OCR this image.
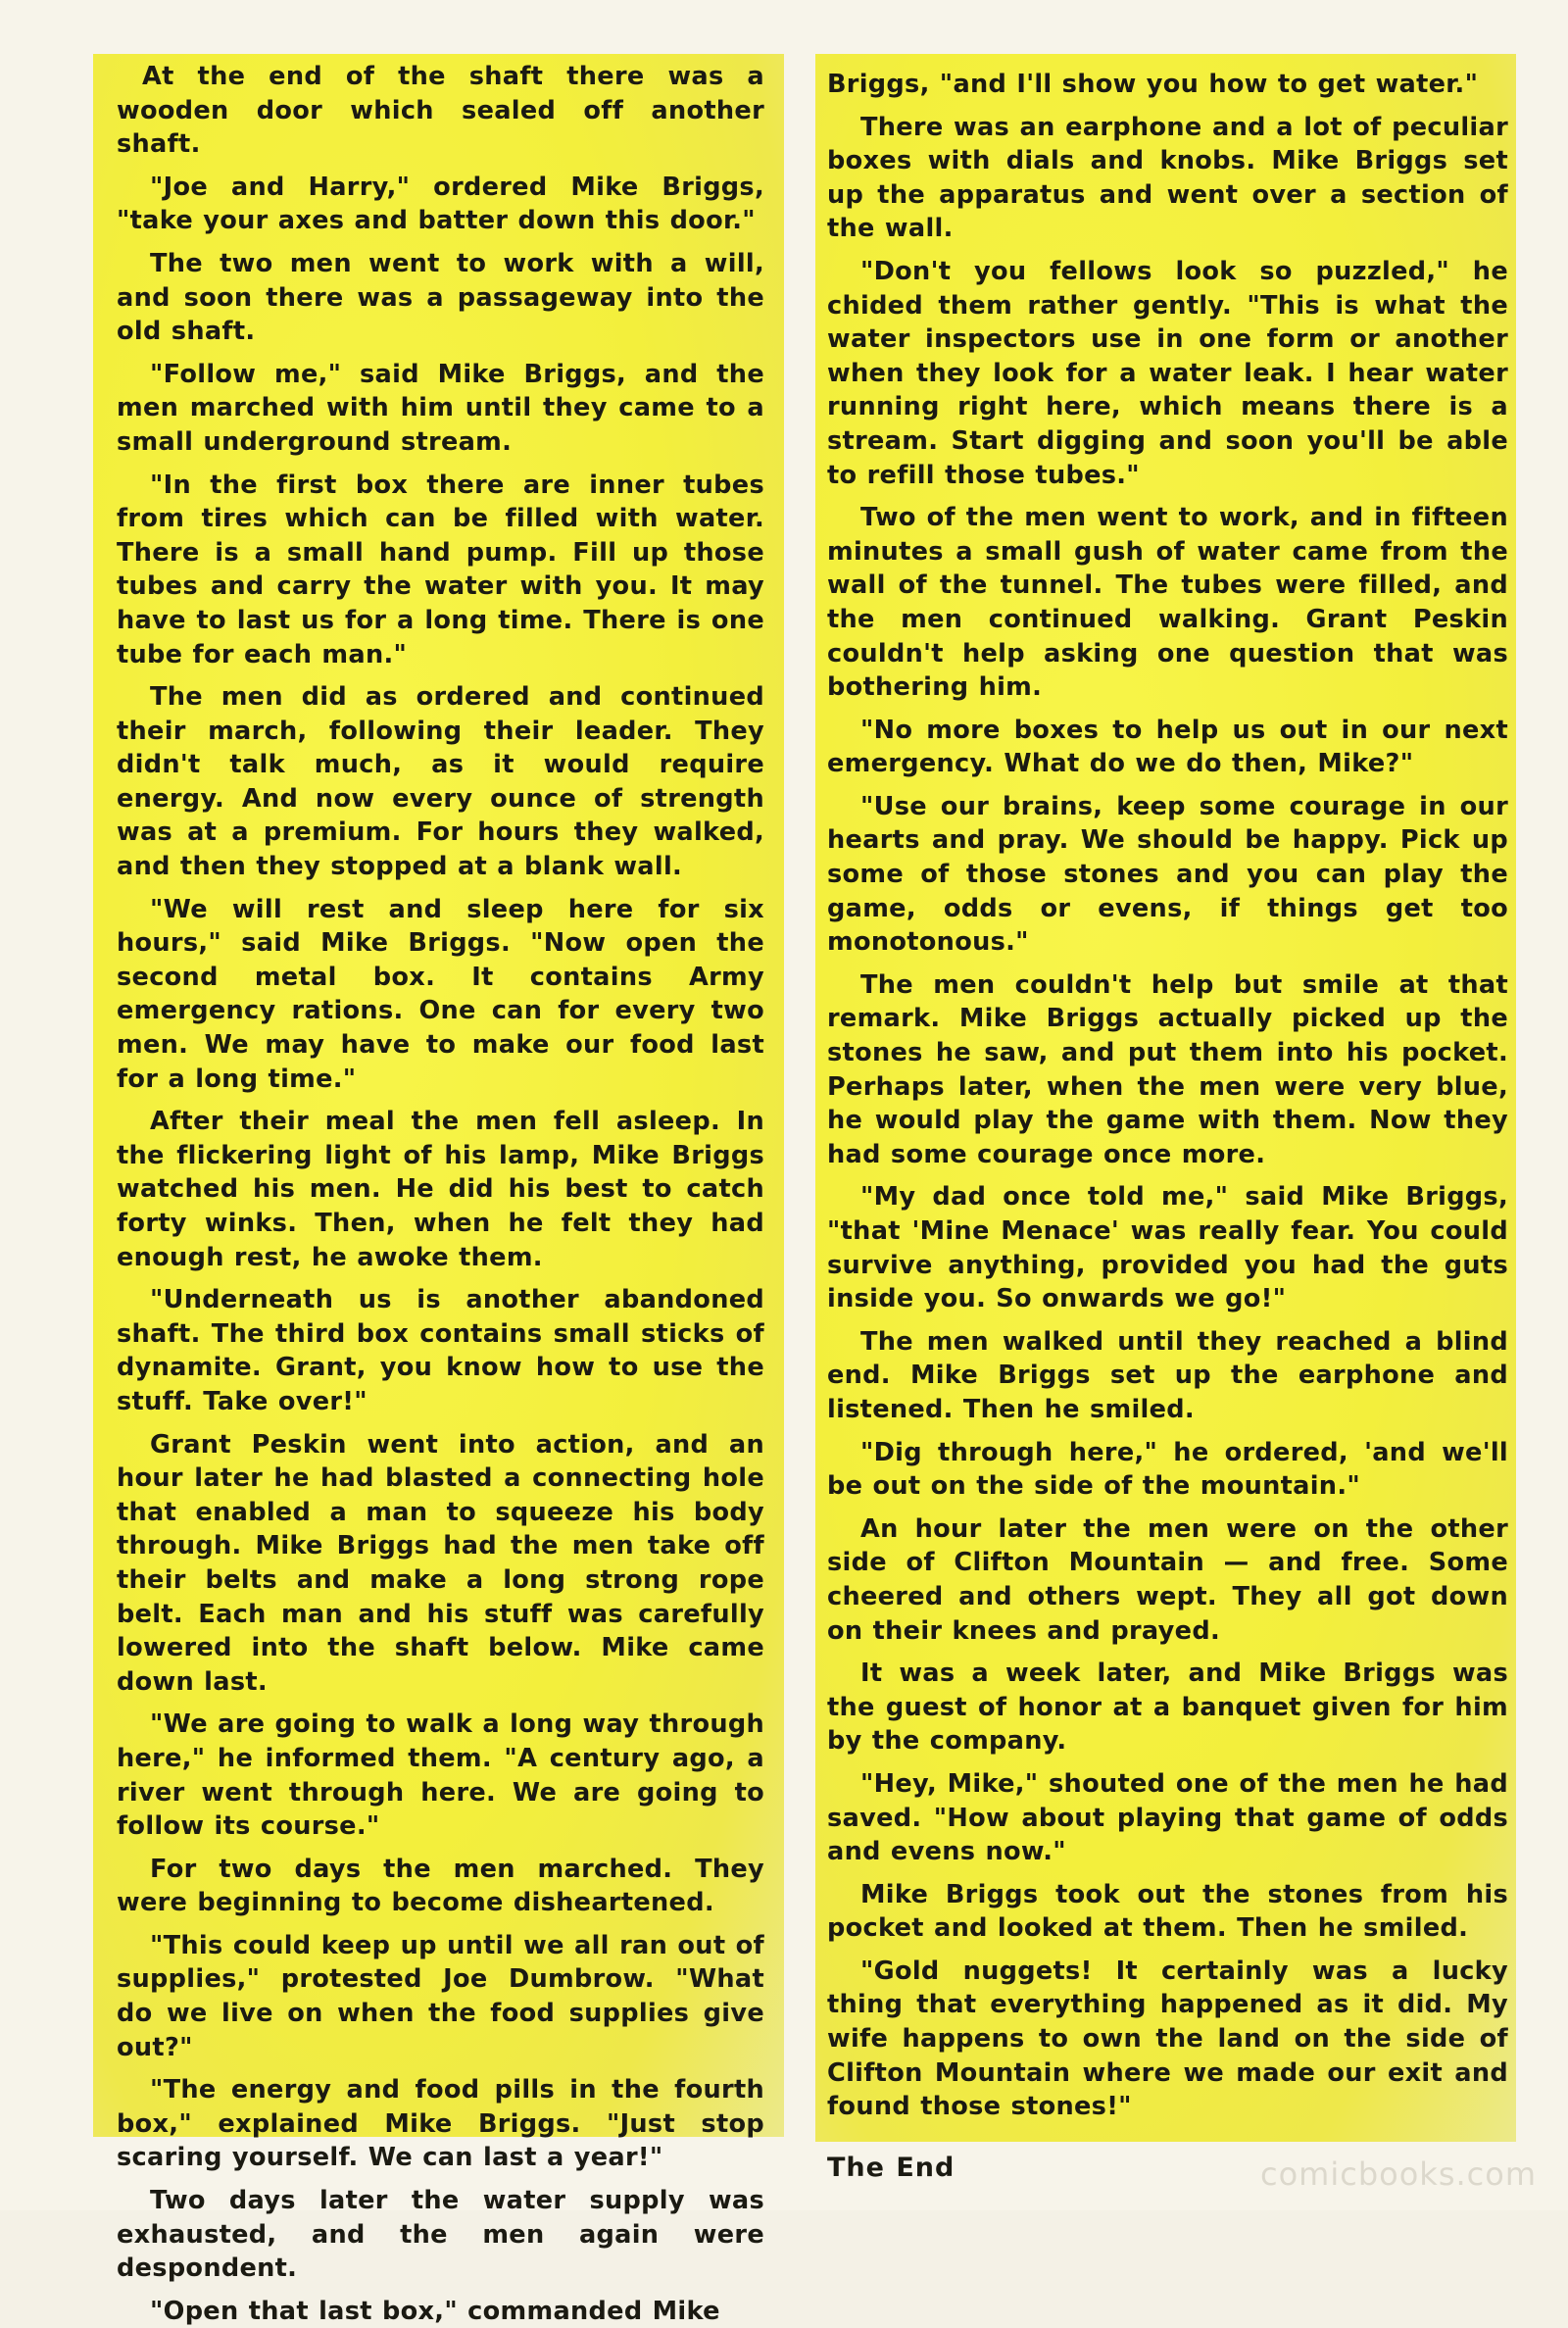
At the end of the shaft there was a wooden door which sealed off another shaft.

"Joe and Harry," ordered Mike Briggs, "take your axes and batter down this door."

The two men went to work with a will, and soon there was a passageway into the old shaft.

"Follow me," said Mike Briggs, and the men marched with him until they came to a small underground stream.

"In the first box there are inner tubes from tires which can be filled with water. There is a small hand pump. Fill up those tubes and carry the water with you. It may have to last us for a long time. There is one tube for each man."

The men did as ordered and continued their march, following their leader. They didn't talk much, as it would require energy. And now every ounce of strength was at a premium. For hours they walked, and then they stopped at a blank wall.

"We will rest and sleep here for six hours," said Mike Briggs. "Now open the second metal box. It contains Army emergency rations. One can for every two men. We may have to make our food last for a long time."

After their meal the men fell asleep. In the flickering light of his lamp, Mike Briggs watched his men. He did his best to catch forty winks. Then, when he felt they had enough rest, he awoke them.

"Underneath us is another abandoned shaft. The third box contains small sticks of dynamite. Grant, you know how to use the stuff. Take over!"

Grant Peskin went into action, and an hour later he had blasted a connecting hole that enabled a man to squeeze his body through. Mike Briggs had the men take off their belts and make a long strong rope belt. Each man and his stuff was carefully lowered into the shaft below. Mike came down last.

"We are going to walk a long way through here," he informed them. "A century ago, a river went through here. We are going to follow its course."

For two days the men marched. They were beginning to become disheartened.

"This could keep up until we all ran out of supplies," protested Joe Dumbrow. "What do we live on when the food supplies give out?"

"The energy and food pills in the fourth box," explained Mike Briggs. "Just stop scaring yourself. We can last a year!"

Two days later the water supply was exhausted, and the men again were despondent.

"Open that last box," commanded Mike

Briggs, "and I'll show you how to get water."

There was an earphone and a lot of peculiar boxes with dials and knobs. Mike Briggs set up the apparatus and went over a section of the wall.

"Don't you fellows look so puzzled," he chided them rather gently. "This is what the water inspectors use in one form or another when they look for a water leak. I hear water running right here, which means there is a stream. Start digging and soon you'll be able to refill those tubes."

Two of the men went to work, and in fifteen minutes a small gush of water came from the wall of the tunnel. The tubes were filled, and the men continued walking. Grant Peskin couldn't help asking one question that was bothering him.

"No more boxes to help us out in our next emergency. What do we do then, Mike?"

"Use our brains, keep some courage in our hearts and pray. We should be happy. Pick up some of those stones and you can play the game, odds or evens, if things get too monotonous."

The men couldn't help but smile at that remark. Mike Briggs actually picked up the stones he saw, and put them into his pocket. Perhaps later, when the men were very blue, he would play the game with them. Now they had some courage once more.

"My dad once told me," said Mike Briggs, "that 'Mine Menace' was really fear. You could survive anything, provided you had the guts inside you. So onwards we go!"

The men walked until they reached a blind end. Mike Briggs set up the earphone and listened. Then he smiled.

"Dig through here," he ordered, 'and we'll be out on the side of the mountain."

An hour later the men were on the other side of Clifton Mountain — and free. Some cheered and others wept. They all got down on their knees and prayed.

It was a week later, and Mike Briggs was the guest of honor at a banquet given for him by the company.

"Hey, Mike," shouted one of the men he had saved. "How about playing that game of odds and evens now."

Mike Briggs took out the stones from his pocket and looked at them. Then he smiled.

"Gold nuggets! It certainly was a lucky thing that everything happened as it did. My wife happens to own the land on the side of Clifton Mountain where we made our exit and found those stones!"

The End	comicbooks.com
